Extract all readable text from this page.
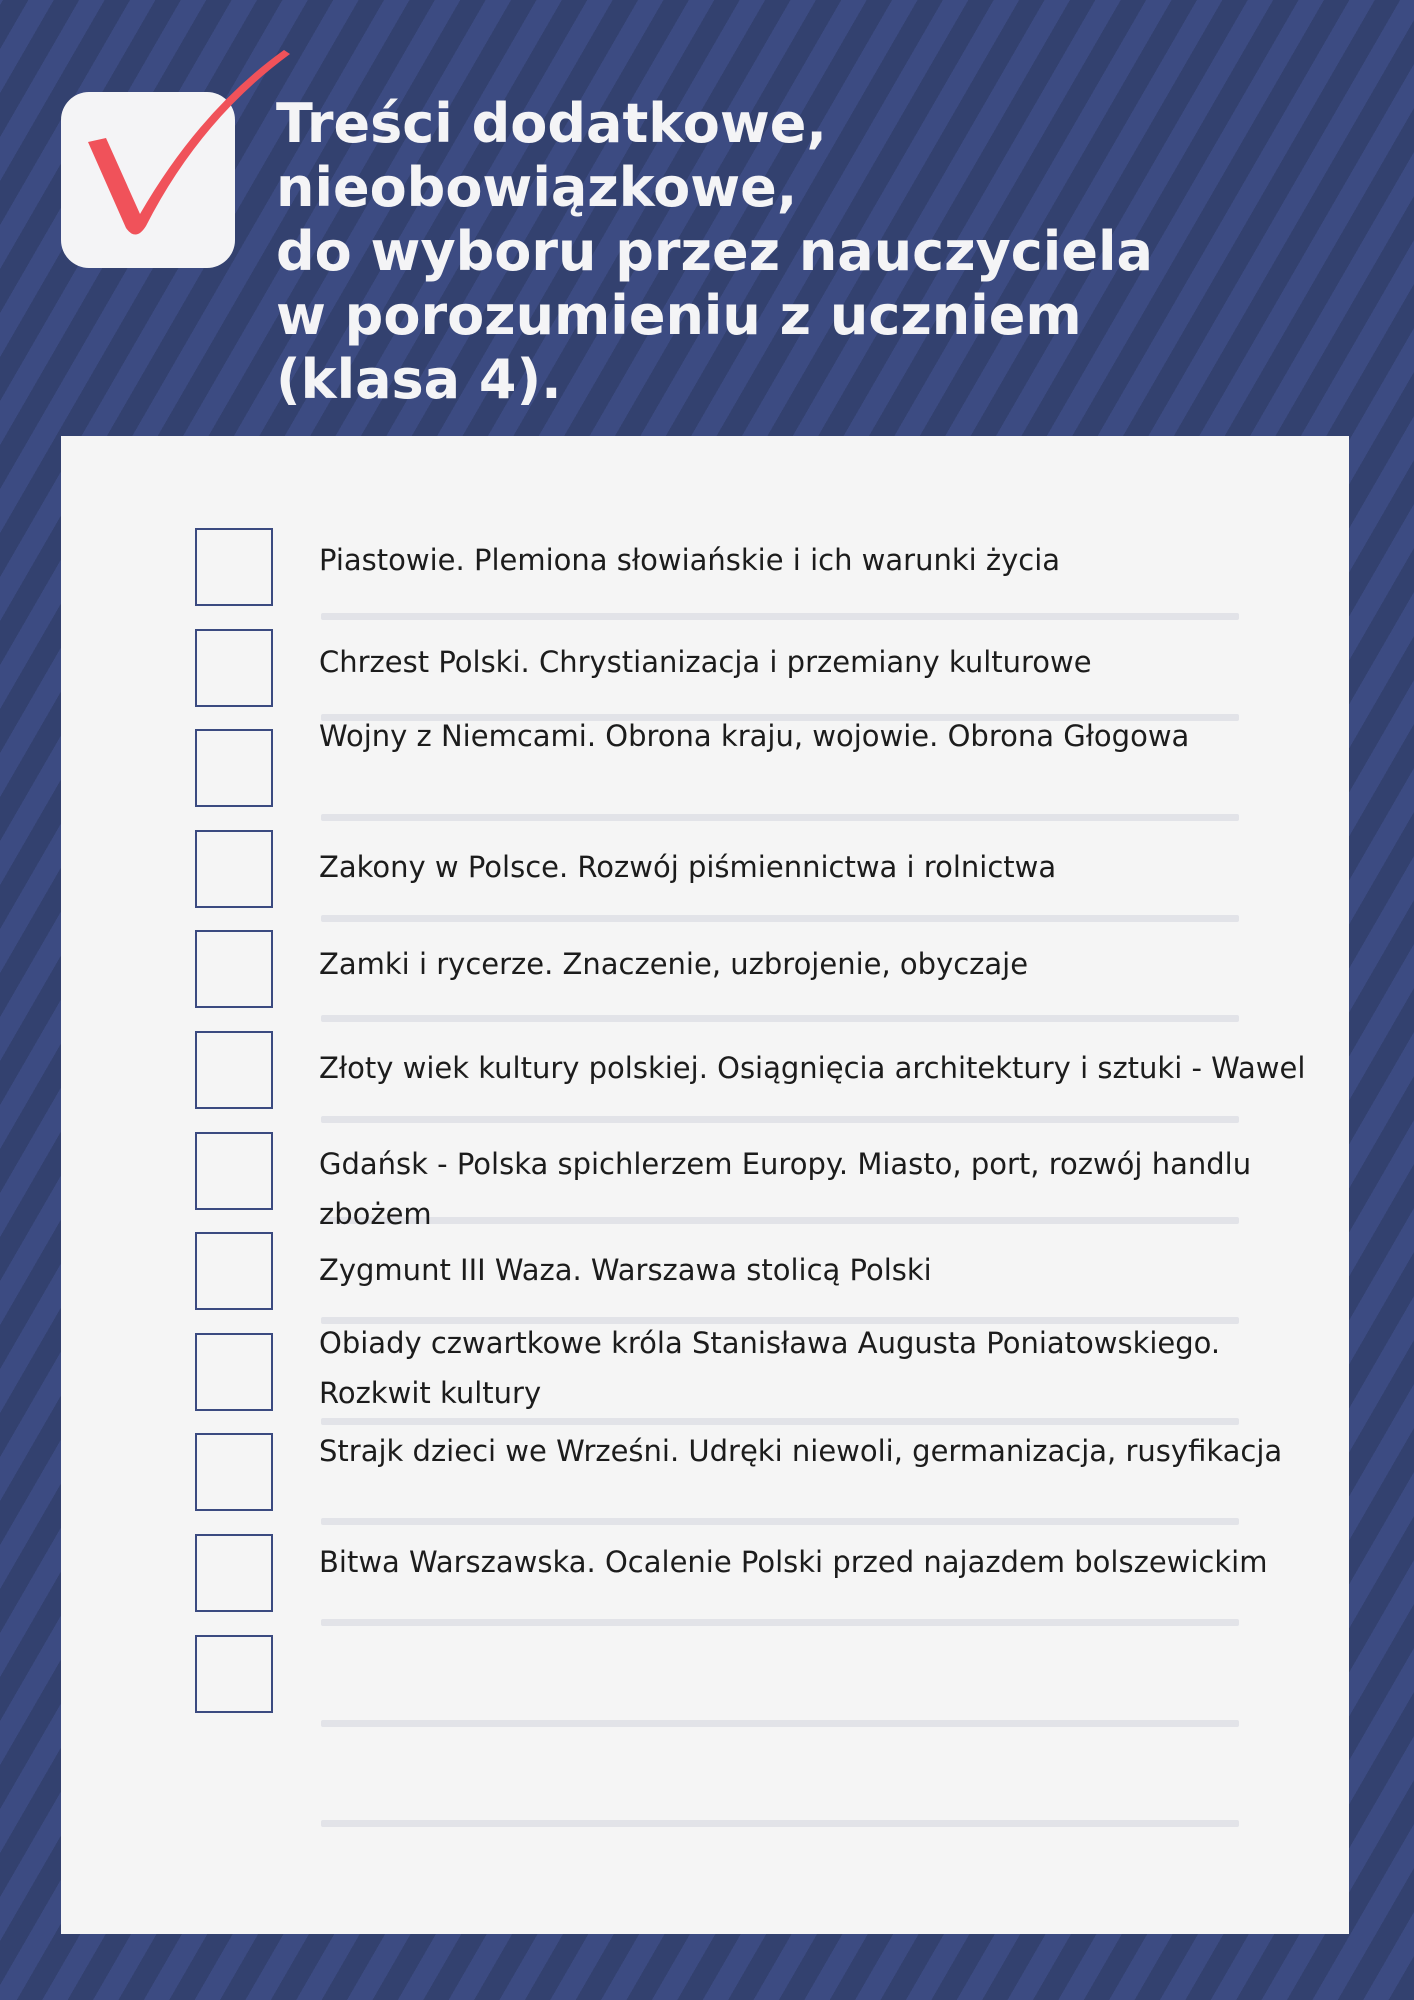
Treści dodatkowe,
nieobowiązkowe,
do wyboru przez nauczyciela
w porozumieniu z uczniem
(klasa 4).
Piastowie. Plemiona słowiańskie i ich warunki życia
Chrzest Polski. Chrystianizacja i przemiany kulturowe
Wojny z Niemcami. Obrona kraju, wojowie. Obrona Głogowa
Zakony w Polsce. Rozwój piśmiennictwa i rolnictwa
Zamki i rycerze. Znaczenie, uzbrojenie, obyczaje
Złoty wiek kultury polskiej. Osiągnięcia architektury i sztuki - Wawel
Gdańsk - Polska spichlerzem Europy. Miasto, port, rozwój handlu zbożem
Zygmunt III Waza. Warszawa stolicą Polski
Obiady czwartkowe króla Stanisława Augusta Poniatowskiego. Rozkwit kultury
Strajk dzieci we Wrześni. Udręki niewoli, germanizacja, rusyfikacja
Bitwa Warszawska. Ocalenie Polski przed najazdem bolszewickim
